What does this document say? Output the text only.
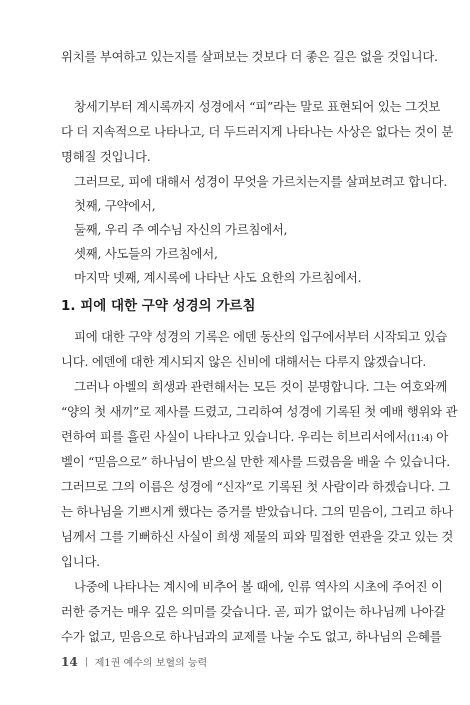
위치를 부여하고 있는지를 살펴보는 것보다 더 좋은 길은 없을 것입니다.
창세기부터 계시록까지 성경에서 “피”라는 말로 표현되어 있는 그것보
다 더 지속적으로 나타나고, 더 두드러지게 나타나는 사상은 없다는 것이 분
명해질 것입니다.
그러므로, 피에 대해서 성경이 무엇을 가르치는지를 살펴보려고 합니다.
첫째, 구약에서,
둘째, 우리 주 예수님 자신의 가르침에서,
셋째, 사도들의 가르침에서,
마지막 넷째, 계시록에 나타난 사도 요한의 가르침에서.
1. 피에 대한 구약 성경의 가르침
피에 대한 구약 성경의 기록은 에덴 동산의 입구에서부터 시작되고 있습
니다. 에덴에 대한 계시되지 않은 신비에 대해서는 다루지 않겠습니다.
그러나 아벨의 희생과 관련해서는 모든 것이 분명합니다. 그는 여호와께
“양의 첫 새끼”로 제사를 드렸고, 그리하여 성경에 기록된 첫 예배 행위와 관
련하여 피를 흘린 사실이 나타나고 있습니다. 우리는 히브리서에서(11:4) 아
벨이 “믿음으로” 하나님이 받으실 만한 제사를 드렸음을 배울 수 있습니다.
그러므로 그의 이름은 성경에 “신자”로 기록된 첫 사람이라 하겠습니다. 그
는 하나님을 기쁘시게 했다는 증거를 받았습니다. 그의 믿음이, 그리고 하나
님께서 그를 기뻐하신 사실이 희생 제물의 피와 밀접한 연관을 갖고 있는 것
입니다.
나중에 나타나는 계시에 비추어 볼 때에, 인류 역사의 시초에 주어진 이
러한 증거는 매우 깊은 의미를 갖습니다. 곧, 피가 없이는 하나님께 나아갈
수가 없고, 믿음으로 하나님과의 교제를 나눌 수도 없고, 하나님의 은혜를
14 제1권 예수의 보혈의 능력
